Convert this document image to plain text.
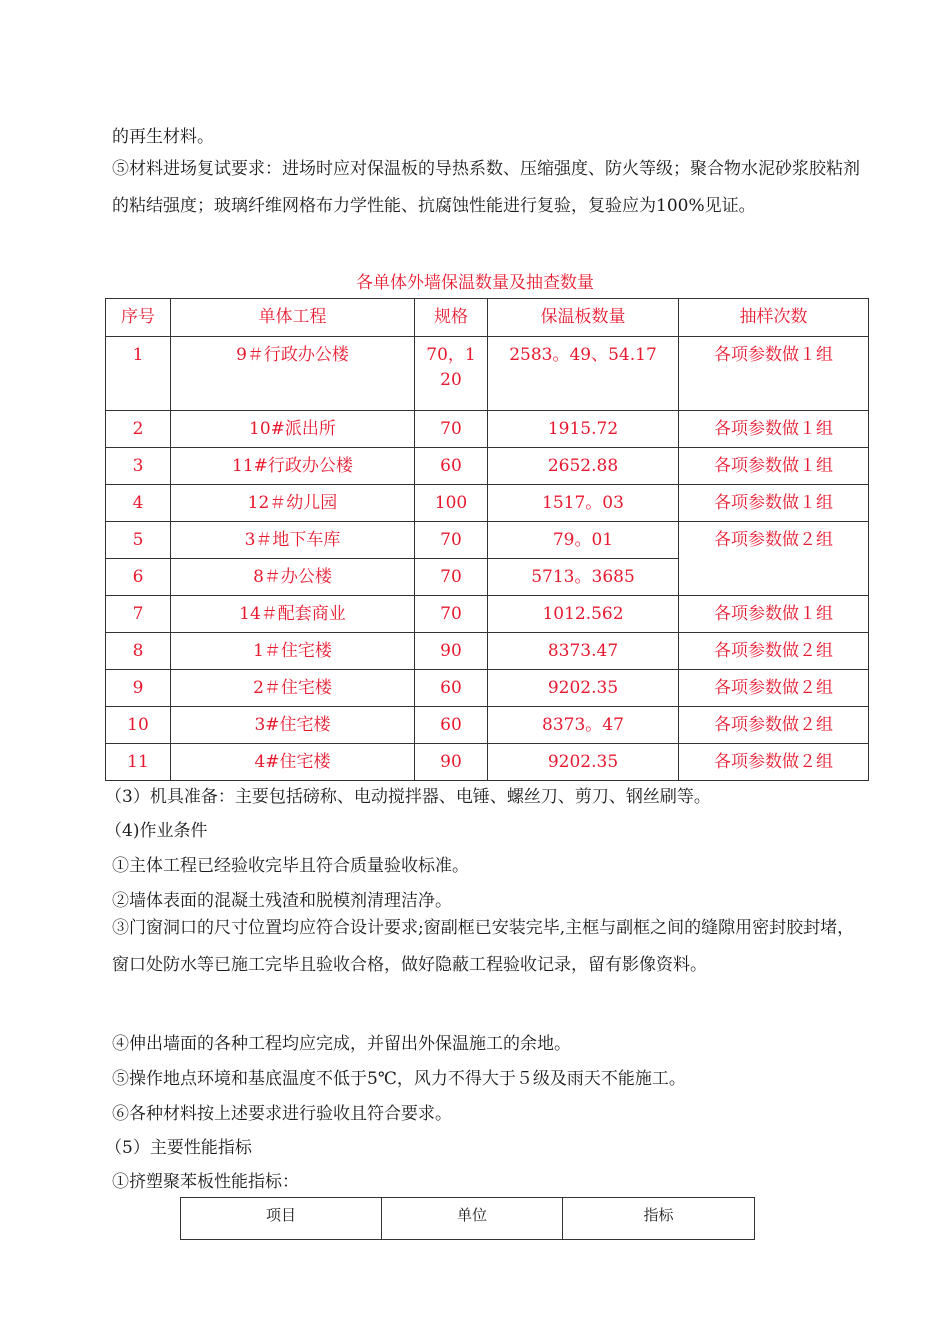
的再生材料。

⑤材料进场复试要求：进场时应对保温板的导热系数、压缩强度、防火等级；聚合物水泥砂浆胶粘剂的粘结强度；玻璃纤维网格布力学性能、抗腐蚀性能进行复验，复验应为100%见证。

各单体外墙保温数量及抽查数量
序号	单体工程	规格	保温板数量	抽样次数
1	9＃行政办公楼	70，120	2583。49、54.17	各项参数做１组
2	10#派出所	70	1915.72	各项参数做１组
3	11#行政办公楼	60	2652.88	各项参数做１组
4	12＃幼儿园	100	1517。03	各项参数做１组
5	3＃地下车库	70	79。01	各项参数做２组
6	8＃办公楼	70	5713。3685	
7	14＃配套商业	70	1012.562	各项参数做１组
8	1＃住宅楼	90	8373.47	各项参数做２组
9	2＃住宅楼	60	9202.35	各项参数做２组
10	3#住宅楼	60	8373。47	各项参数做２组
11	4#住宅楼	90	9202.35	各项参数做２组

（3）机具准备：主要包括磅称、电动搅拌器、电锤、螺丝刀、剪刀、钢丝刷等。

（4)作业条件

①主体工程已经验收完毕且符合质量验收标准。

②墙体表面的混凝土残渣和脱模剂清理洁净。

③门窗洞口的尺寸位置均应符合设计要求;窗副框已安装完毕,主框与副框之间的缝隙用密封胶封堵，窗口处防水等已施工完毕且验收合格，做好隐蔽工程验收记录，留有影像资料。

④伸出墙面的各种工程均应完成，并留出外保温施工的余地。

⑤操作地点环境和基底温度不低于5℃，风力不得大于５级及雨天不能施工。

⑥各种材料按上述要求进行验收且符合要求。

（5）主要性能指标

①挤塑聚苯板性能指标：

项目	单位	指标
